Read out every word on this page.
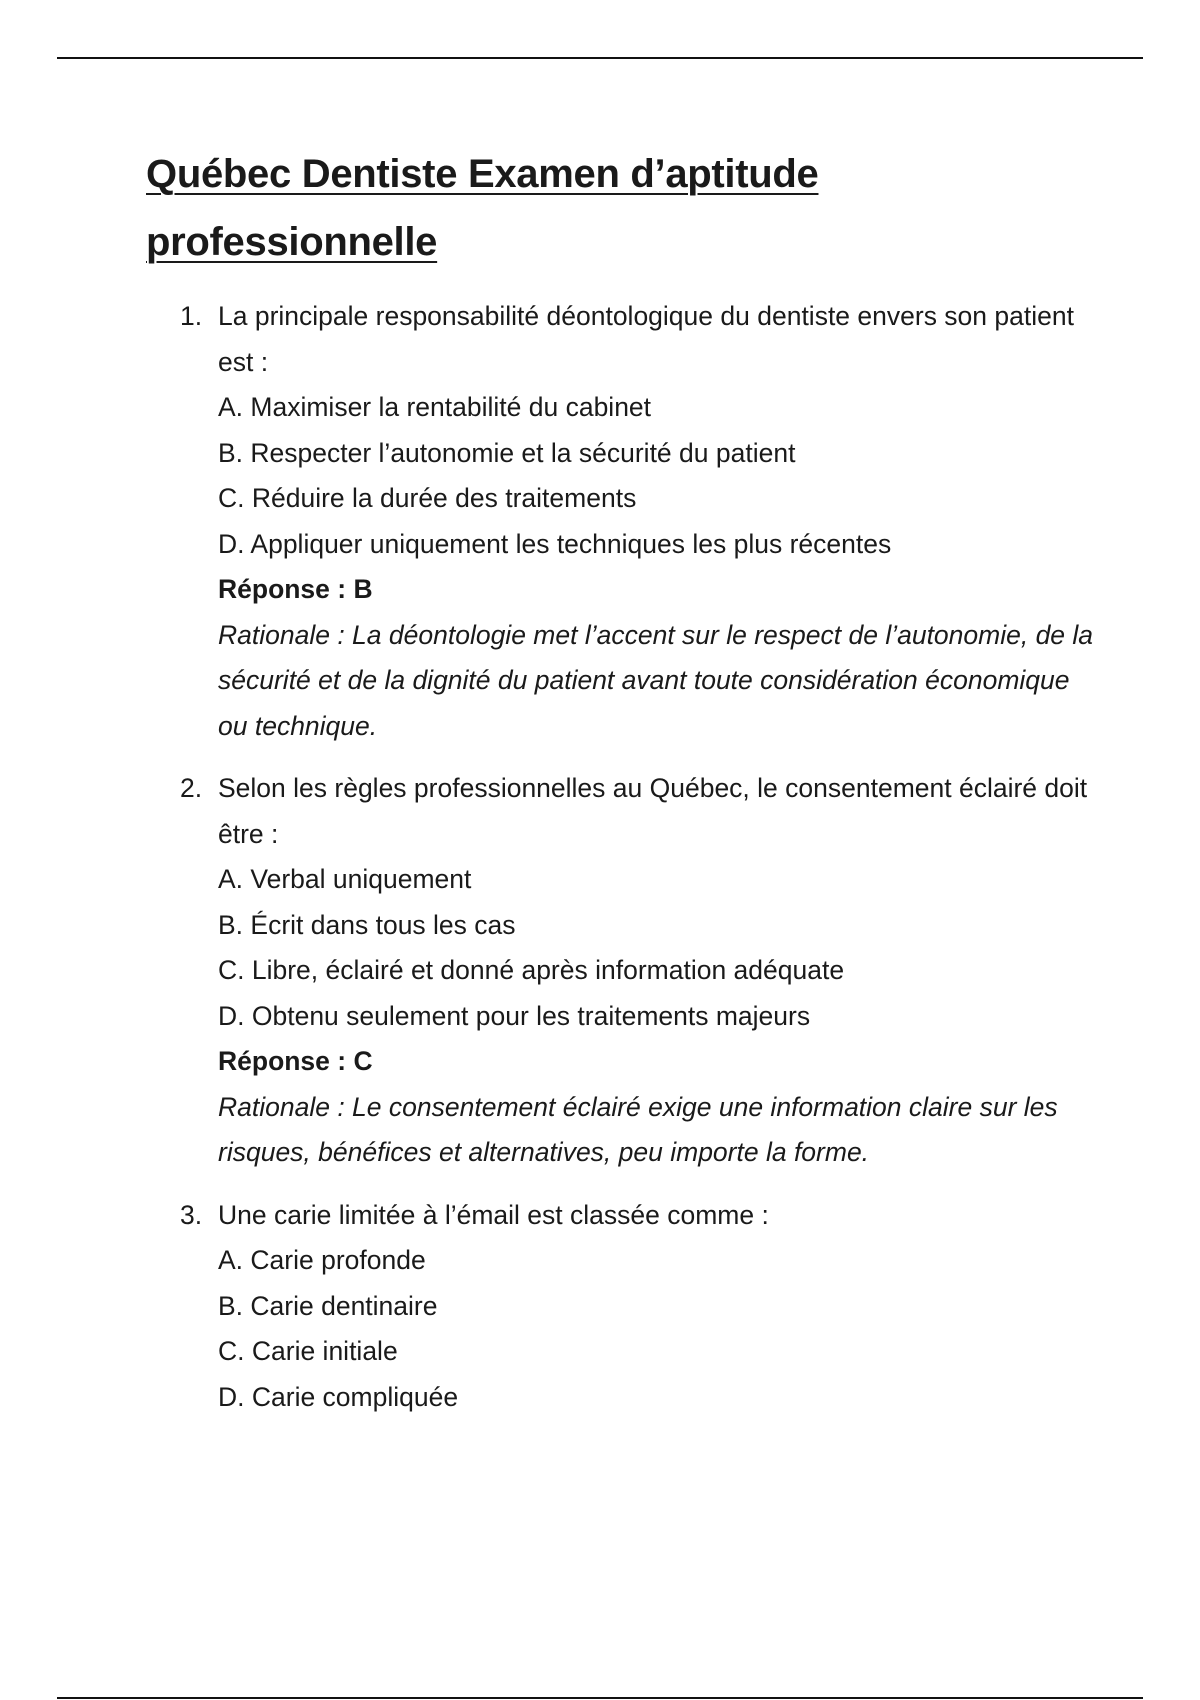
Québec Dentiste Examen d’aptitude
professionnelle
1. La principale responsabilité déontologique du dentiste envers son patient est :
A. Maximiser la rentabilité du cabinet
B. Respecter l’autonomie et la sécurité du patient
C. Réduire la durée des traitements
D. Appliquer uniquement les techniques les plus récentes
Réponse : B
Rationale : La déontologie met l’accent sur le respect de l’autonomie, de la sécurité et de la dignité du patient avant toute considération économique ou technique.
2. Selon les règles professionnelles au Québec, le consentement éclairé doit être :
A. Verbal uniquement
B. Écrit dans tous les cas
C. Libre, éclairé et donné après information adéquate
D. Obtenu seulement pour les traitements majeurs
Réponse : C
Rationale : Le consentement éclairé exige une information claire sur les risques, bénéfices et alternatives, peu importe la forme.
3. Une carie limitée à l’émail est classée comme :
A. Carie profonde
B. Carie dentinaire
C. Carie initiale
D. Carie compliquée
